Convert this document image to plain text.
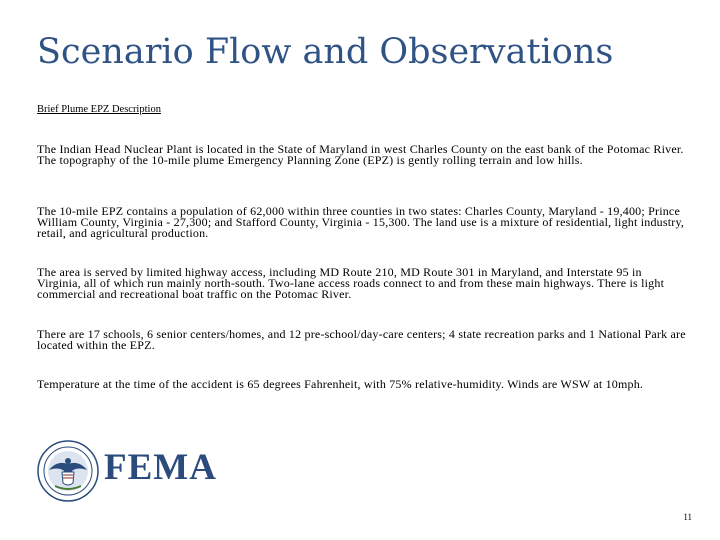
Scenario Flow and Observations
Brief Plume EPZ Description
The Indian Head Nuclear Plant is located in the State of Maryland in west Charles County on the east bank of the Potomac River. The topography of the 10-mile plume Emergency Planning Zone (EPZ) is gently rolling terrain and low hills.
The 10-mile EPZ contains a population of 62,000 within three counties in two states: Charles County, Maryland - 19,400; Prince William County, Virginia - 27,300; and Stafford County, Virginia - 15,300. The land use is a mixture of residential, light industry, retail, and agricultural production.
The area is served by limited highway access, including MD Route 210, MD Route 301 in Maryland, and Interstate 95 in Virginia, all of which run mainly north-south. Two-lane access roads connect to and from these main highways. There is light commercial and recreational boat traffic on the Potomac River.
There are 17 schools, 6 senior centers/homes, and 12 pre-school/day-care centers; 4 state recreation parks and 1 National Park are located within the EPZ.
Temperature at the time of the accident is 65 degrees Fahrenheit, with 75% relative-humidity. Winds are WSW at 10mph.
FEMA
11
